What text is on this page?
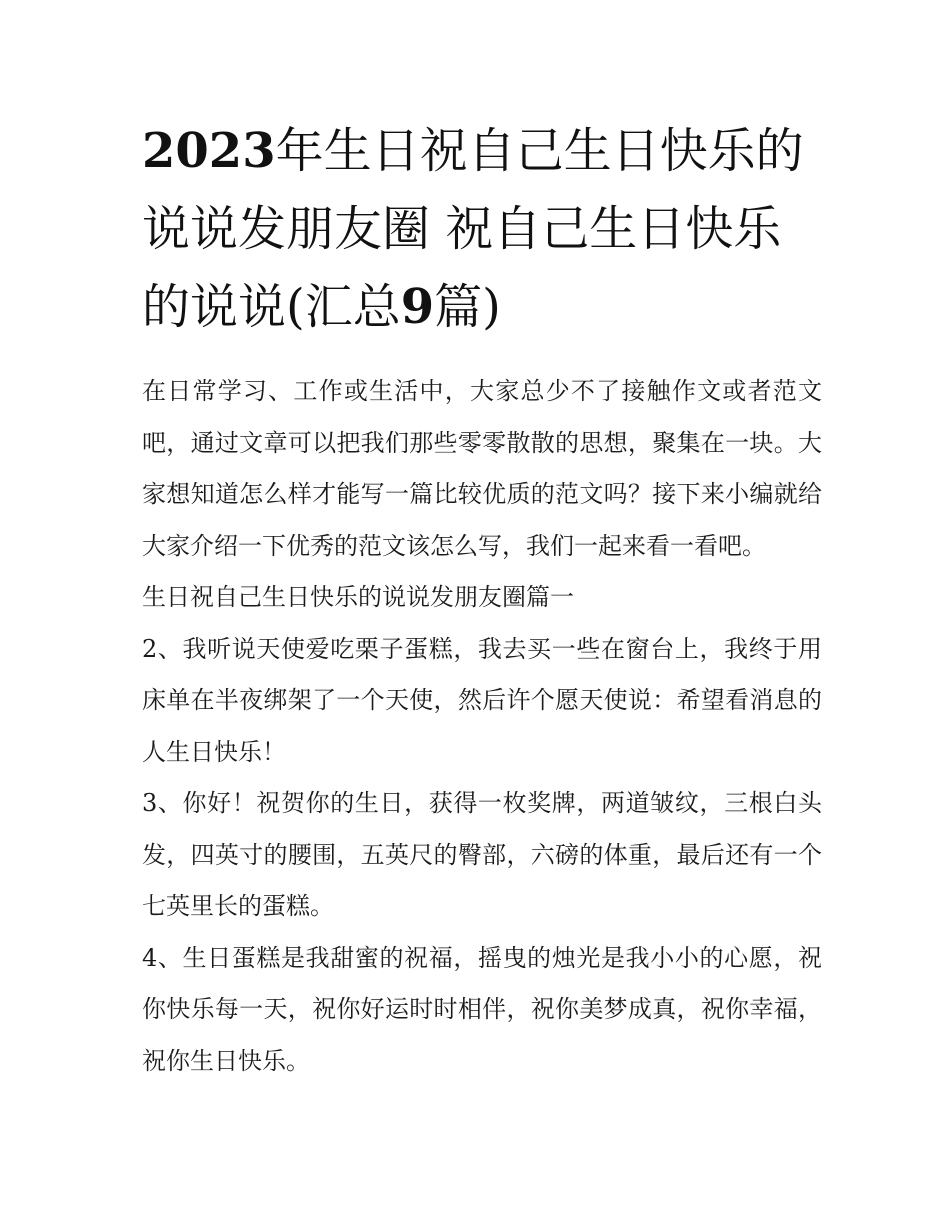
2023年生日祝自己生日快乐的说说发朋友圈 祝自己生日快乐的说说(汇总9篇)

在日常学习、工作或生活中，大家总少不了接触作文或者范文吧，通过文章可以把我们那些零零散散的思想，聚集在一块。大家想知道怎么样才能写一篇比较优质的范文吗？接下来小编就给大家介绍一下优秀的范文该怎么写，我们一起来看一看吧。

生日祝自己生日快乐的说说发朋友圈篇一

2、我听说天使爱吃栗子蛋糕，我去买一些在窗台上，我终于用床单在半夜绑架了一个天使，然后许个愿天使说：希望看消息的人生日快乐！

3、你好！祝贺你的生日，获得一枚奖牌，两道皱纹，三根白头发，四英寸的腰围，五英尺的臀部，六磅的体重，最后还有一个七英里长的蛋糕。

4、生日蛋糕是我甜蜜的祝福，摇曳的烛光是我小小的心愿，祝你快乐每一天，祝你好运时时相伴，祝你美梦成真，祝你幸福，祝你生日快乐。
